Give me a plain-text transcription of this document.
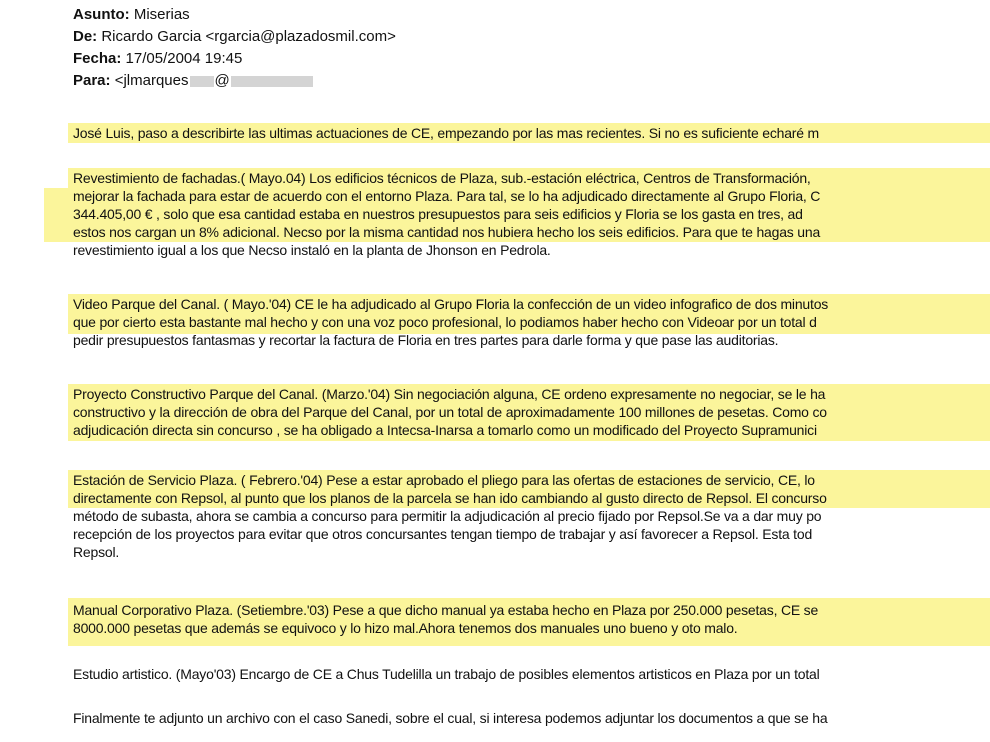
Asunto: Miserias
De: Ricardo Garcia <rgarcia@plazadosmil.com>
Fecha: 17/05/2004 19:45
Para: <jlmarques @
José Luis, paso a describirte las ultimas actuaciones de CE, empezando por las mas recientes. Si no es suficiente echaré m
Revestimiento de fachadas.( Mayo.04) Los edificios técnicos de Plaza, sub.-estación eléctrica, Centros de Transformación,
mejorar la fachada para estar de acuerdo con el entorno Plaza. Para tal, se lo ha adjudicado directamente al Grupo Floria, C
344.405,00 € , solo que esa cantidad estaba en nuestros presupuestos para seis edificios y Floria se los gasta en tres, ad
estos nos cargan un 8% adicional. Necso por la misma cantidad nos hubiera hecho los seis edificios. Para que te hagas una
revestimiento igual a los que Necso instaló en la planta de Jhonson en Pedrola.
Video Parque del Canal. ( Mayo.'04) CE le ha adjudicado al Grupo Floria la confección de un video infografico de dos minutos
que por cierto esta bastante mal hecho y con una voz poco profesional, lo podiamos haber hecho con Videoar por un total d
pedir presupuestos fantasmas y recortar la factura de Floria en tres partes para darle forma y que pase las auditorias.
Proyecto Constructivo Parque del Canal. (Marzo.'04) Sin negociación alguna, CE ordeno expresamente no negociar, se le ha
constructivo y la dirección de obra del Parque del Canal, por un total de aproximadamente 100 millones de pesetas. Como co
adjudicación directa sin concurso , se ha obligado a Intecsa-Inarsa a tomarlo como un modificado del Proyecto Supramunici
Estación de Servicio Plaza. ( Febrero.'04) Pese a estar aprobado el pliego para las ofertas de estaciones de servicio, CE, lo
directamente con Repsol, al punto que los planos de la parcela se han ido cambiando al gusto directo de Repsol. El concurso
método de subasta, ahora se cambia a concurso para permitir la adjudicación al precio fijado por Repsol.Se va a dar muy po
recepción de los proyectos para evitar que otros concursantes tengan tiempo de trabajar y así favorecer a Repsol. Esta tod
Repsol.
Manual Corporativo Plaza. (Setiembre.'03) Pese a que dicho manual ya estaba hecho en Plaza por 250.000 pesetas, CE se
8000.000 pesetas que además se equivoco y lo hizo mal.Ahora tenemos dos manuales uno bueno y oto malo.
Estudio artistico. (Mayo'03) Encargo de CE a Chus Tudelilla un trabajo de posibles elementos artisticos en Plaza por un total
Finalmente te adjunto un archivo con el caso Sanedi, sobre el cual, si interesa podemos adjuntar los documentos a que se ha
